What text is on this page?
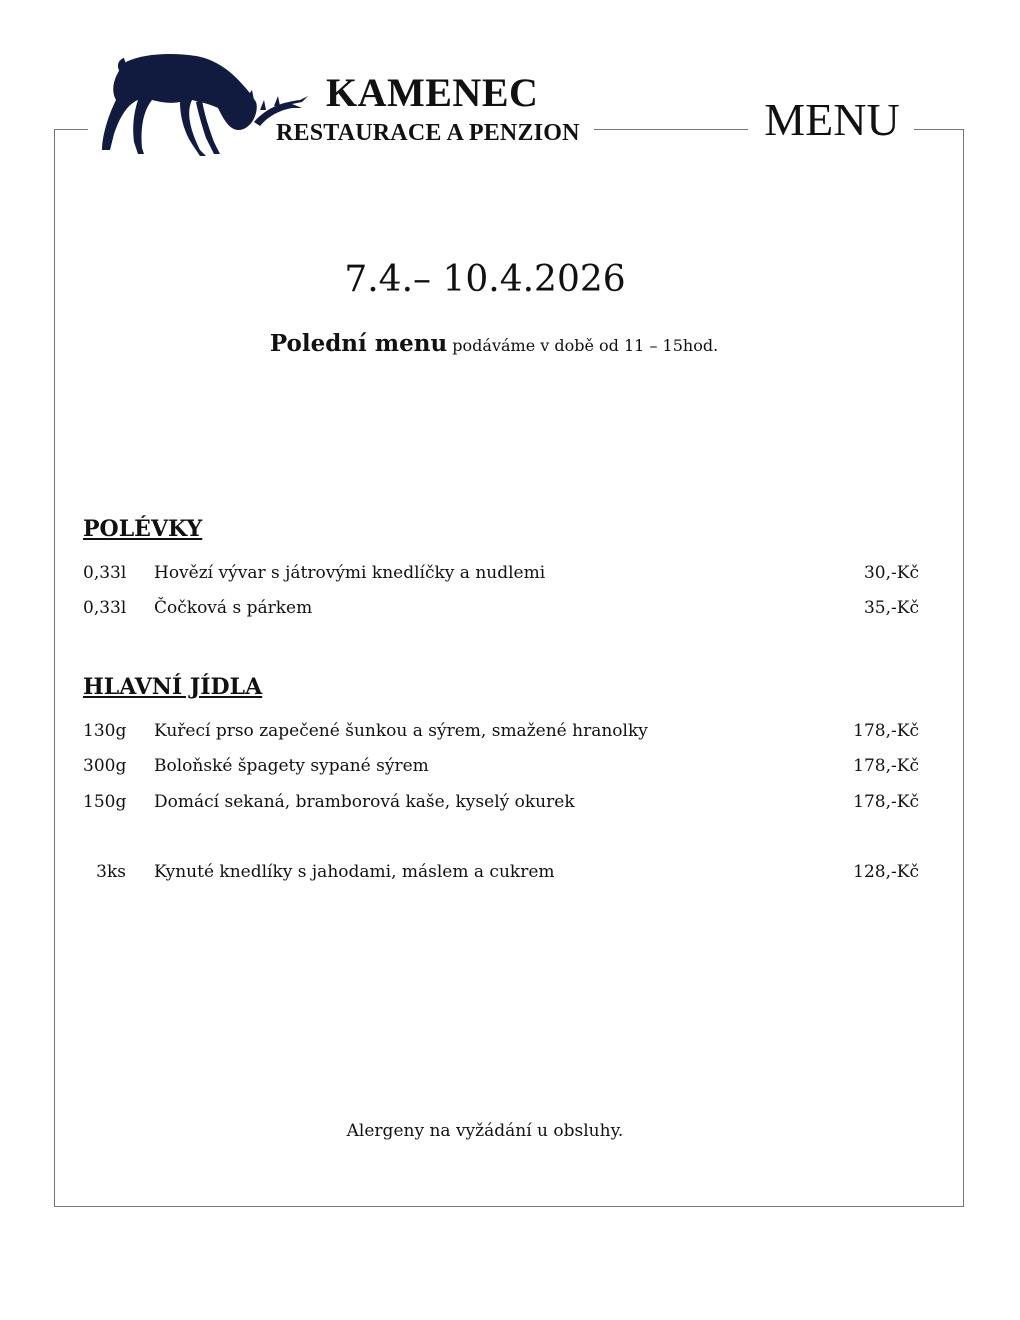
KAMENEC
RESTAURACE A PENZION	MENU
7.4.– 10.4.2026
Polední menu podáváme v době od 11 – 15hod.
POLÉVKY
0,33l Hovězí vývar s játrovými knedlíčky a nudlemi	30,-Kč
0,33l Čočková s párkem	35,-Kč
HLAVNÍ JÍDLA
130g Kuřecí prso zapečené šunkou a sýrem, smažené hranolky	178,-Kč
300g Boloňské špagety sypané sýrem	178,-Kč
150g Domácí sekaná, bramborová kaše, kyselý okurek	178,-Kč
3ks Kynuté knedlíky s jahodami, máslem a cukrem	128,-Kč
Alergeny na vyžádání u obsluhy.
